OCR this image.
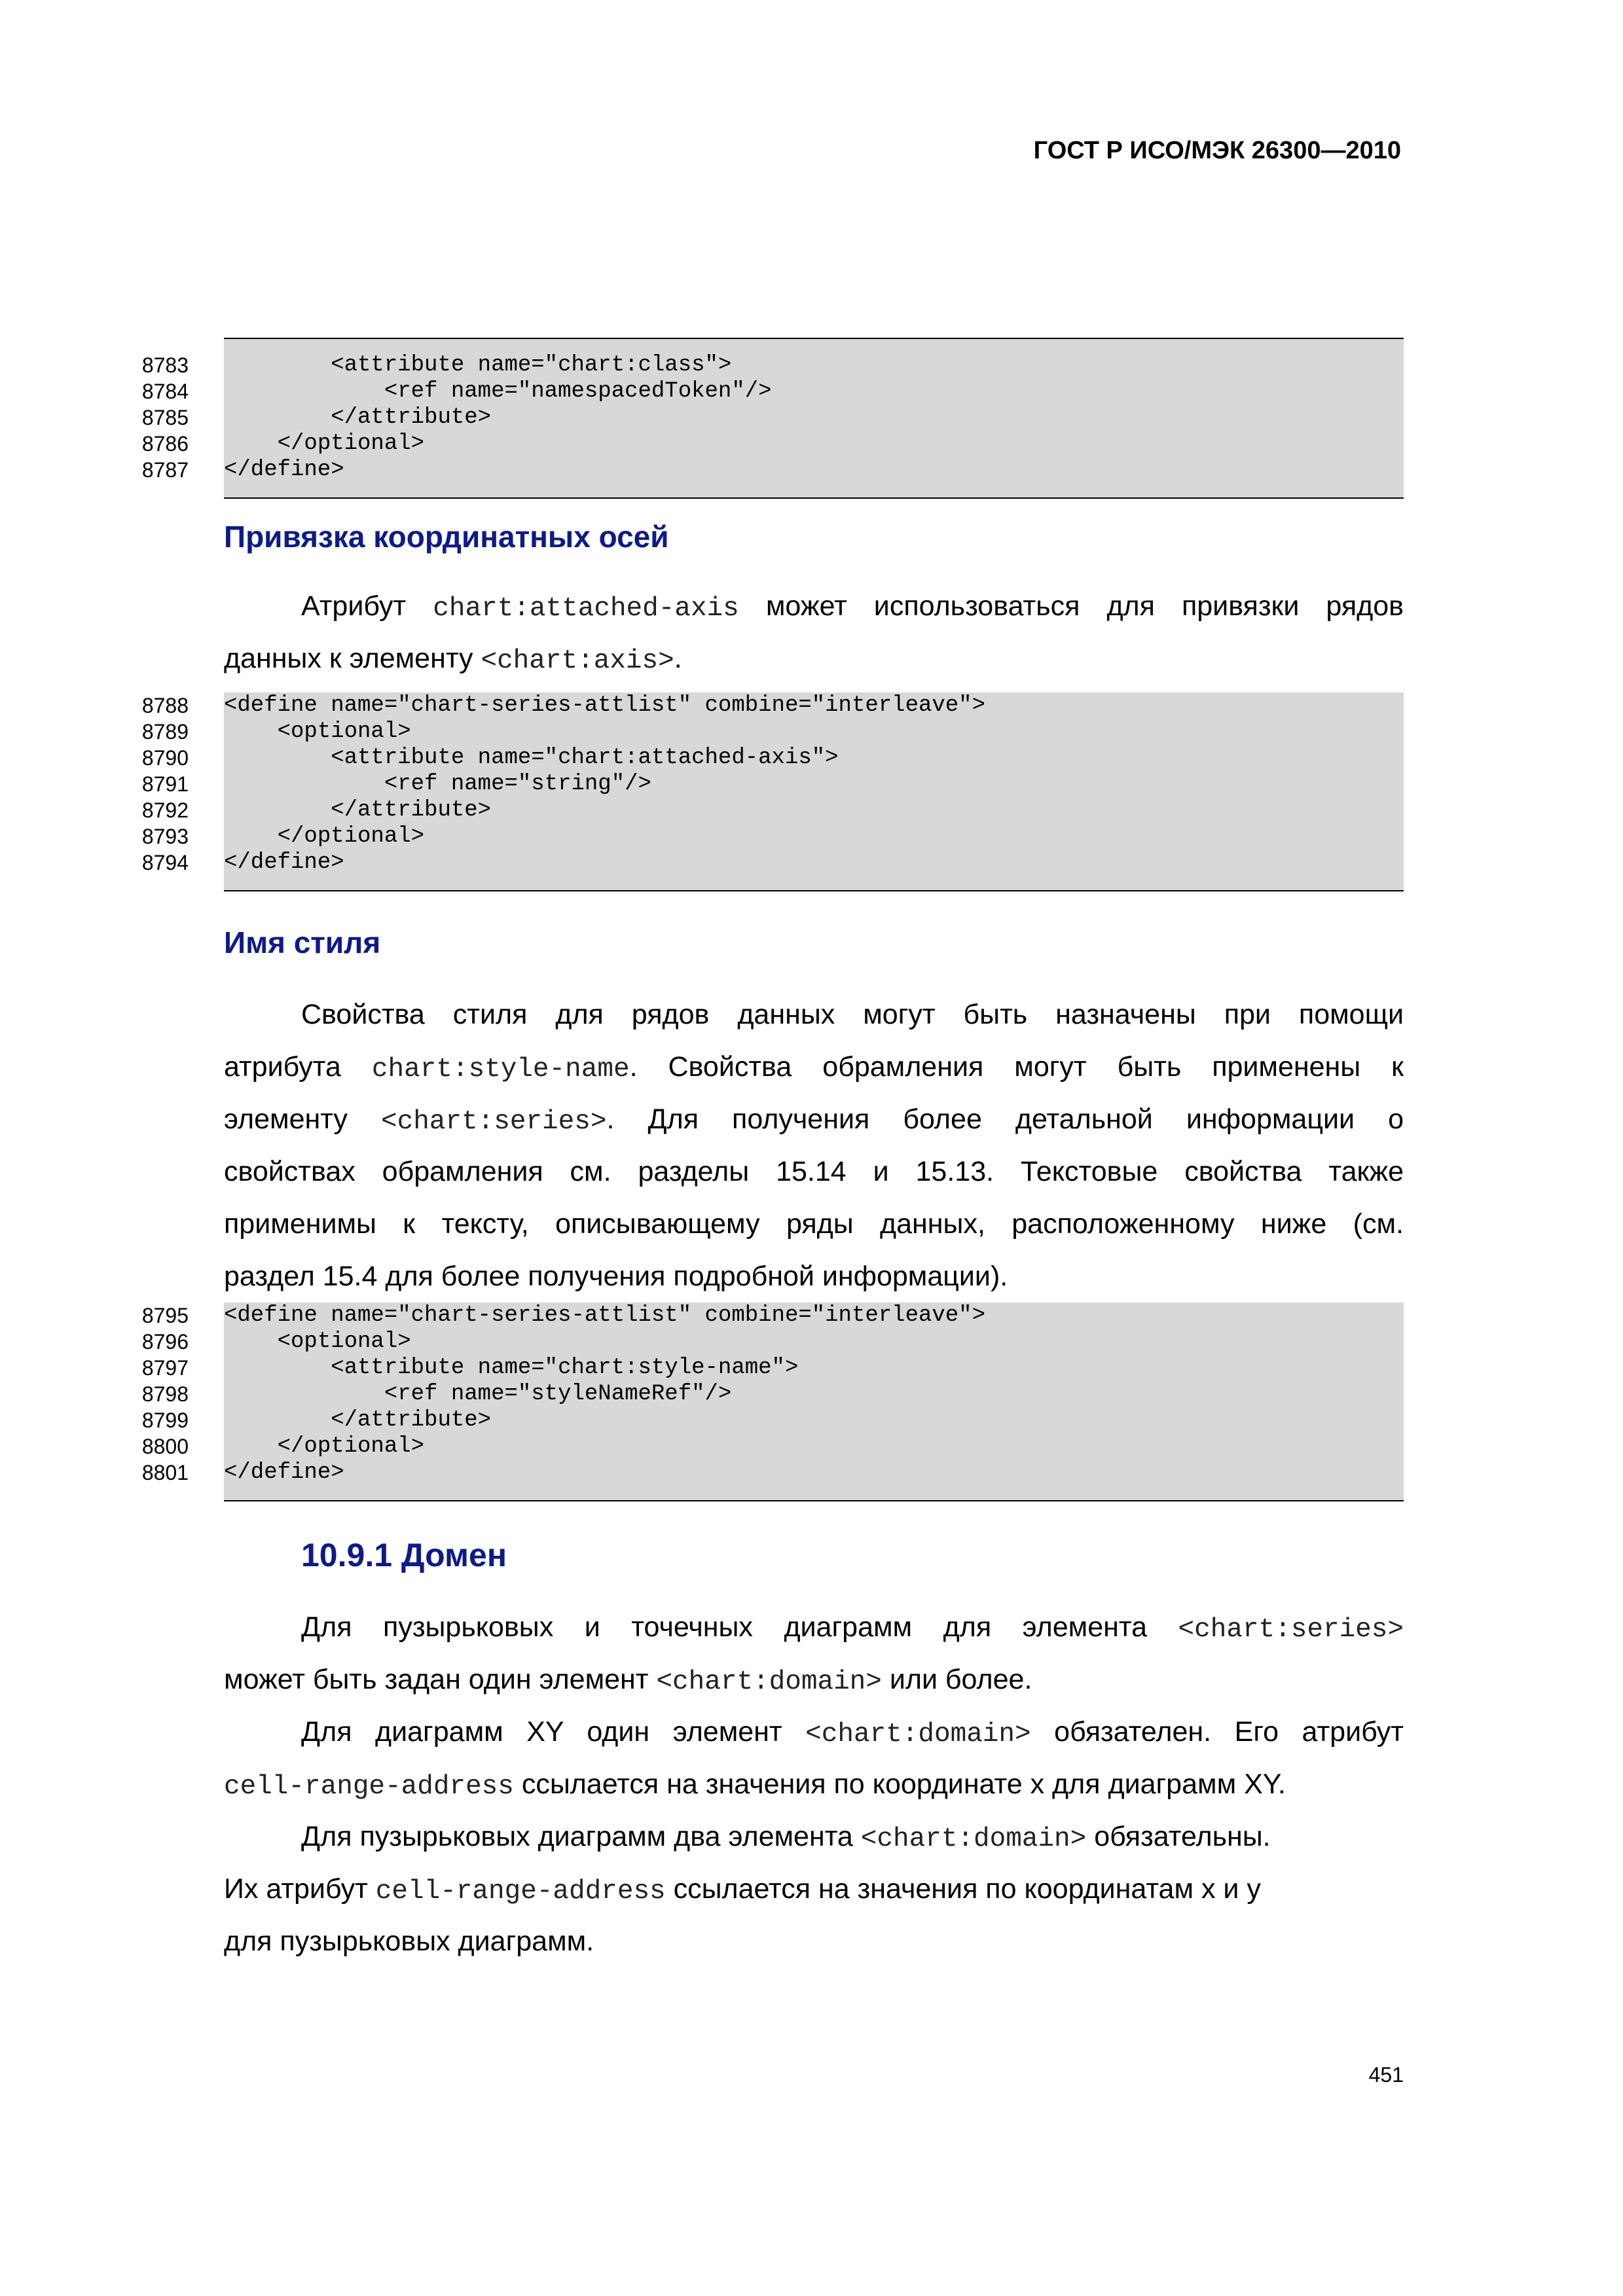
ГОСТ Р ИСО/МЭК 26300—2010
8783 <attribute name="chart:class">
8784 <ref name="namespacedToken"/>
8785 </attribute>
8786 </optional>
8787 </define>
Привязка координатных осей
Атрибут chart:attached-axis может использоваться для привязки рядов
данных к элементу <chart:axis>.
8788 <define name="chart-series-attlist" combine="interleave">
8789 <optional>
8790 <attribute name="chart:attached-axis">
8791 <ref name="string"/>
8792 </attribute>
8793 </optional>
8794 </define>
Имя стиля
Свойства стиля для рядов данных могут быть назначены при помощи
атрибута chart:style-name. Свойства обрамления могут быть применены к
элементу <chart:series>. Для получения более детальной информации о
свойствах обрамления см. разделы 15.14 и 15.13. Текстовые свойства также
применимы к тексту, описывающему ряды данных, расположенному ниже (см.
раздел 15.4 для более получения подробной информации).
8795 <define name="chart-series-attlist" combine="interleave">
8796 <optional>
8797 <attribute name="chart:style-name">
8798 <ref name="styleNameRef"/>
8799 </attribute>
8800 </optional>
8801 </define>
10.9.1 Домен
Для пузырьковых и точечных диаграмм для элемента <chart:series>
может быть задан один элемент <chart:domain> или более.
Для диаграмм XY один элемент <chart:domain> обязателен. Его атрибут
cell-range-address ссылается на значения по координате x для диаграмм XY.
Для пузырьковых диаграмм два элемента <chart:domain> обязательны.
Их атрибут cell-range-address ссылается на значения по координатам x и y
для пузырьковых диаграмм.
451
